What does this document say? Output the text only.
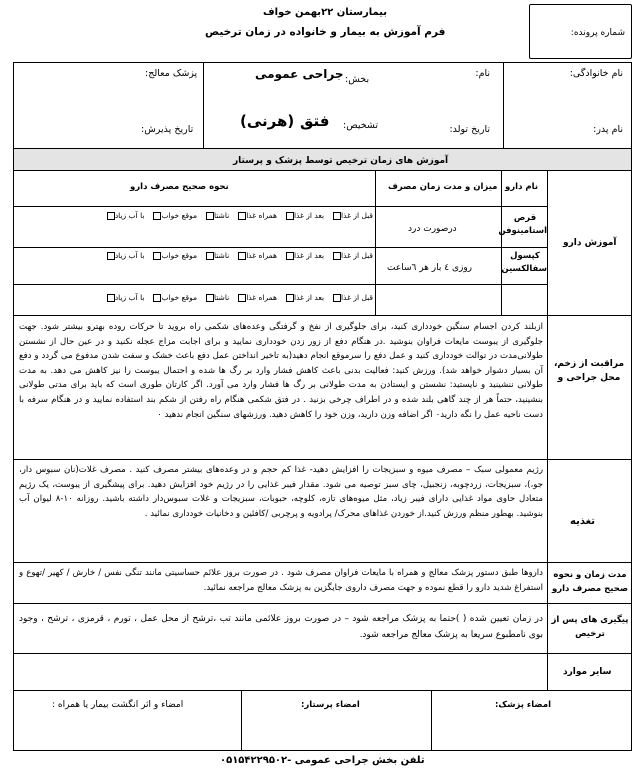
بیمارستان ۲۲بهمن خواف
فرم آموزش به بیمار و خانواده در زمان ترخیص	شماره پرونده:
نام خانوادگی:
نام:
نام پدر:
تاریخ تولد:
بخش:
جراحی عمومی
تشخیص:
فتق
(هرنی)
پزشک معالج:
تاریخ پذیرش:
آموزش های زمان ترخیص توسط پزشک و پرستار
آموزش دارو
نام دارو
میزان و مدت زمان مصرف
نحوه صحیح مصرف دارو
قرص استامینوفن
درصورت درد
کپسول سفالکسین
روزی ٤ بار هر ٦ساعت
قبل از غذا
بعد از غذا
همراه غذا
ناشتا
موقع خواب
با آب زیاد
قبل از غذا
بعد از غذا
همراه غذا
ناشتا
موقع خواب
با آب زیاد
قبل از غذا
بعد از غذا
همراه غذا
ناشتا
موقع خواب
با آب زیاد
مراقبت از زخم، محل جراحی و
ازبلند کردن اجسام سنگین خودداری کنید، برای جلوگیری از نفخ و گرفتگی وعده‌های شکمی راه بروید تا حرکات روده بهترو بیشتر شود. جهت جلوگیری از یبوست مایعات فراوان بنوشید .در هنگام دفع از زور زدن خودداری نمایید و برای اجابت مزاج عجله نکنید و در عین حال از نشستن طولانی‌مدت در توالت خودداری کنید و عمل دفع را سرموقع انجام دهید(به تاخیر انداختن عمل دفع باعث خشک و سفت شدن مدفوع می گردد و دفع آن بسیار دشوار خواهد شد). ورزش کنید: فعالیت بدنی باعث کاهش فشار وارد بر رگ ها شده و احتمال یبوست را نیز کاهش می دهد. به مدت طولانی ننشینید و نایستید: نشستن و ایستادن به مدت طولانی بر رگ ها فشار وارد می آورد. اگر کارتان طوری است که باید برای مدتی طولانی بنشینید، حتماً هر از چند گاهی بلند شده و در اطراف چرخی بزنید . در فتق شکمی هنگام راه رفتن از شکم بند استفاده نمایید و در هنگام سرفه با دست ناحیه عمل را نگه دارید٠ اگر اضافه وزن دارید، وزن خود را کاهش دهید. ورزشهای سنگین انجام ندهید ٠
تغذیه
رژیم معمولی سبک – مصرف میوه و سبزیجات را افزایش دهید- غذا کم حجم و در وعده‌های بیشتر مصرف کنید . مصرف غلات(نان سبوس دار، جو،)، سبزیجات، زردچوبه، زنجبیل، چای سبز توصیه می شود. مقدار فیبر غذایی را در رژیم خود افزایش دهید. برای پیشگیری از یبوست، یک رژیم متعادل حاوی مواد غذایی دارای فیبر زیاد، مثل میوه‌های تازه، کلوچه، حبوبات، سبزیجات و غلات سبوس‌دار داشته باشید. روزانه ۱۰-۸ لیوان آب بنوشید. بهطور منظم ورزش کنید.از خوردن غذاهای محرک/ پرادویه و پرچربی /کافئین و دخانیات خودداری نمائید .
مدت زمان و نحوه صحیح مصرف دارو
داروها طبق دستور پزشک معالج و همراه با مایعات فراوان مصرف شود . در صورت بروز علائم حساسیتی مانند تنگی نفس / خارش / کهیر /تهوع و استفراغ شدید دارو را قطع نموده و جهت مصرف داروی جایگزین به پزشک معالج مراجعه نمائید.
پیگیری های پس از ترخیص
در زمان تعیین شده ( )حتما به پزشک مراجعه شود – در صورت بروز علائمی مانند تب ،ترشح از محل عمل ، تورم ، قرمزی ، ترشح ، وجود بوی نامطبوع سریعا به پزشک معالج مراجعه شود.
سایر موارد
امضاء پزشک:
امضاء پرستار:
امضاء و اثر انگشت بیمار یا همراه :
تلفن بخش جراحی عمومی -۰۵۱۵۴۲۲۹۵۰۲
